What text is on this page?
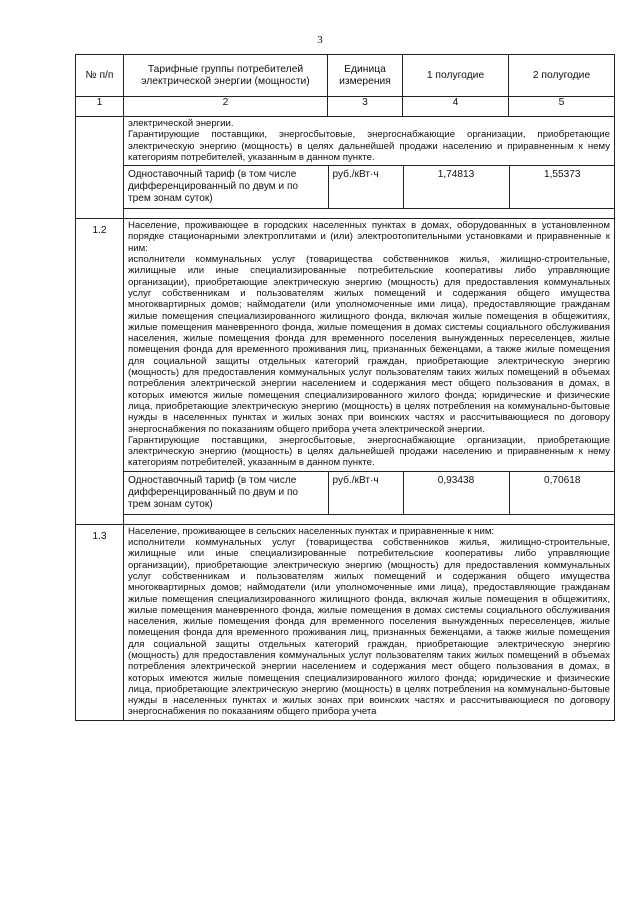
3
№ п/п	Тарифные группы потребителей электрической энергии (мощности)	Единица измерения	1 полугодие	2 полугодие
1	2	3	4	5

электрической энергии.

Гарантирующие поставщики, энергосбытовые, энергоснабжающие организации, приобретающие электрическую энергию (мощность) в целях дальнейшей продажи населению и приравненным к нему категориям потребителей, указанным в данном пункте.

Одноставочный тариф (в том числе дифференцированный по двум и по трем зонам суток)	руб./кВт·ч	1,74813	1,55373

1.2	Население, проживающее в городских населенных пунктах в домах, оборудованных в установленном порядке стационарными электроплитами и (или) электроотопительными установками и приравненные к ним:

исполнители коммунальных услуг (товарищества собственников жилья, жилищно-строительные, жилищные или иные специализированные потребительские кооперативы либо управляющие организации), приобретающие электрическую энергию (мощность) для предоставления коммунальных услуг собственникам и пользователям жилых помещений и содержания общего имущества многоквартирных домов; наймодатели (или уполномоченные ими лица), предоставляющие гражданам жилые помещения специализированного жилищного фонда, включая жилые помещения в общежитиях, жилые помещения маневренного фонда, жилые помещения в домах системы социального обслуживания населения, жилые помещения фонда для временного поселения вынужденных переселенцев, жилые помещения фонда для временного проживания лиц, признанных беженцами, а также жилые помещения для социальной защиты отдельных категорий граждан, приобретающие электрическую энергию (мощность) для предоставления коммунальных услуг пользователям таких жилых помещений в объемах потребления электрической энергии населением и содержания мест общего пользования в домах, в которых имеются жилые помещения специализированного жилого фонда; юридические и физические лица, приобретающие электрическую энергию (мощность) в целях потребления на коммунально-бытовые нужды в населенных пунктах и жилых зонах при воинских частях и рассчитывающиеся по договору энергоснабжения по показаниям общего прибора учета электрической энергии.

Гарантирующие поставщики, энергосбытовые, энергоснабжающие организации, приобретающие электрическую энергию (мощность) в целях дальнейшей продажи населению и приравненным к нему категориям потребителей, указанным в данном пункте.

Одноставочный тариф (в том числе дифференцированный по двум и по трем зонам суток)	руб./кВт·ч	0,93438	0,70618

1.3	Население, проживающее в сельских населенных пунктах и приравненные к ним:

исполнители коммунальных услуг (товарищества собственников жилья, жилищно-строительные, жилищные или иные специализированные потребительские кооперативы либо управляющие организации), приобретающие электрическую энергию (мощность) для предоставления коммунальных услуг собственникам и пользователям жилых помещений и содержания общего имущества многоквартирных домов; наймодатели (или уполномоченные ими лица), предоставляющие гражданам жилые помещения специализированного жилищного фонда, включая жилые помещения в общежитиях, жилые помещения маневренного фонда, жилые помещения в домах системы социального обслуживания населения, жилые помещения фонда для временного поселения вынужденных переселенцев, жилые помещения фонда для временного проживания лиц, признанных беженцами, а также жилые помещения для социальной защиты отдельных категорий граждан, приобретающие электрическую энергию (мощность) для предоставления коммунальных услуг пользователям таких жилых помещений в объемах потребления электрической энергии населением и содержания мест общего пользования в домах, в которых имеются жилые помещения специализированного жилого фонда; юридические и физические лица, приобретающие электрическую энергию (мощность) в целях потребления на коммунально-бытовые нужды в населенных пунктах и жилых зонах при воинских частях и рассчитывающиеся по договору энергоснабжения по показаниям общего прибора учета
